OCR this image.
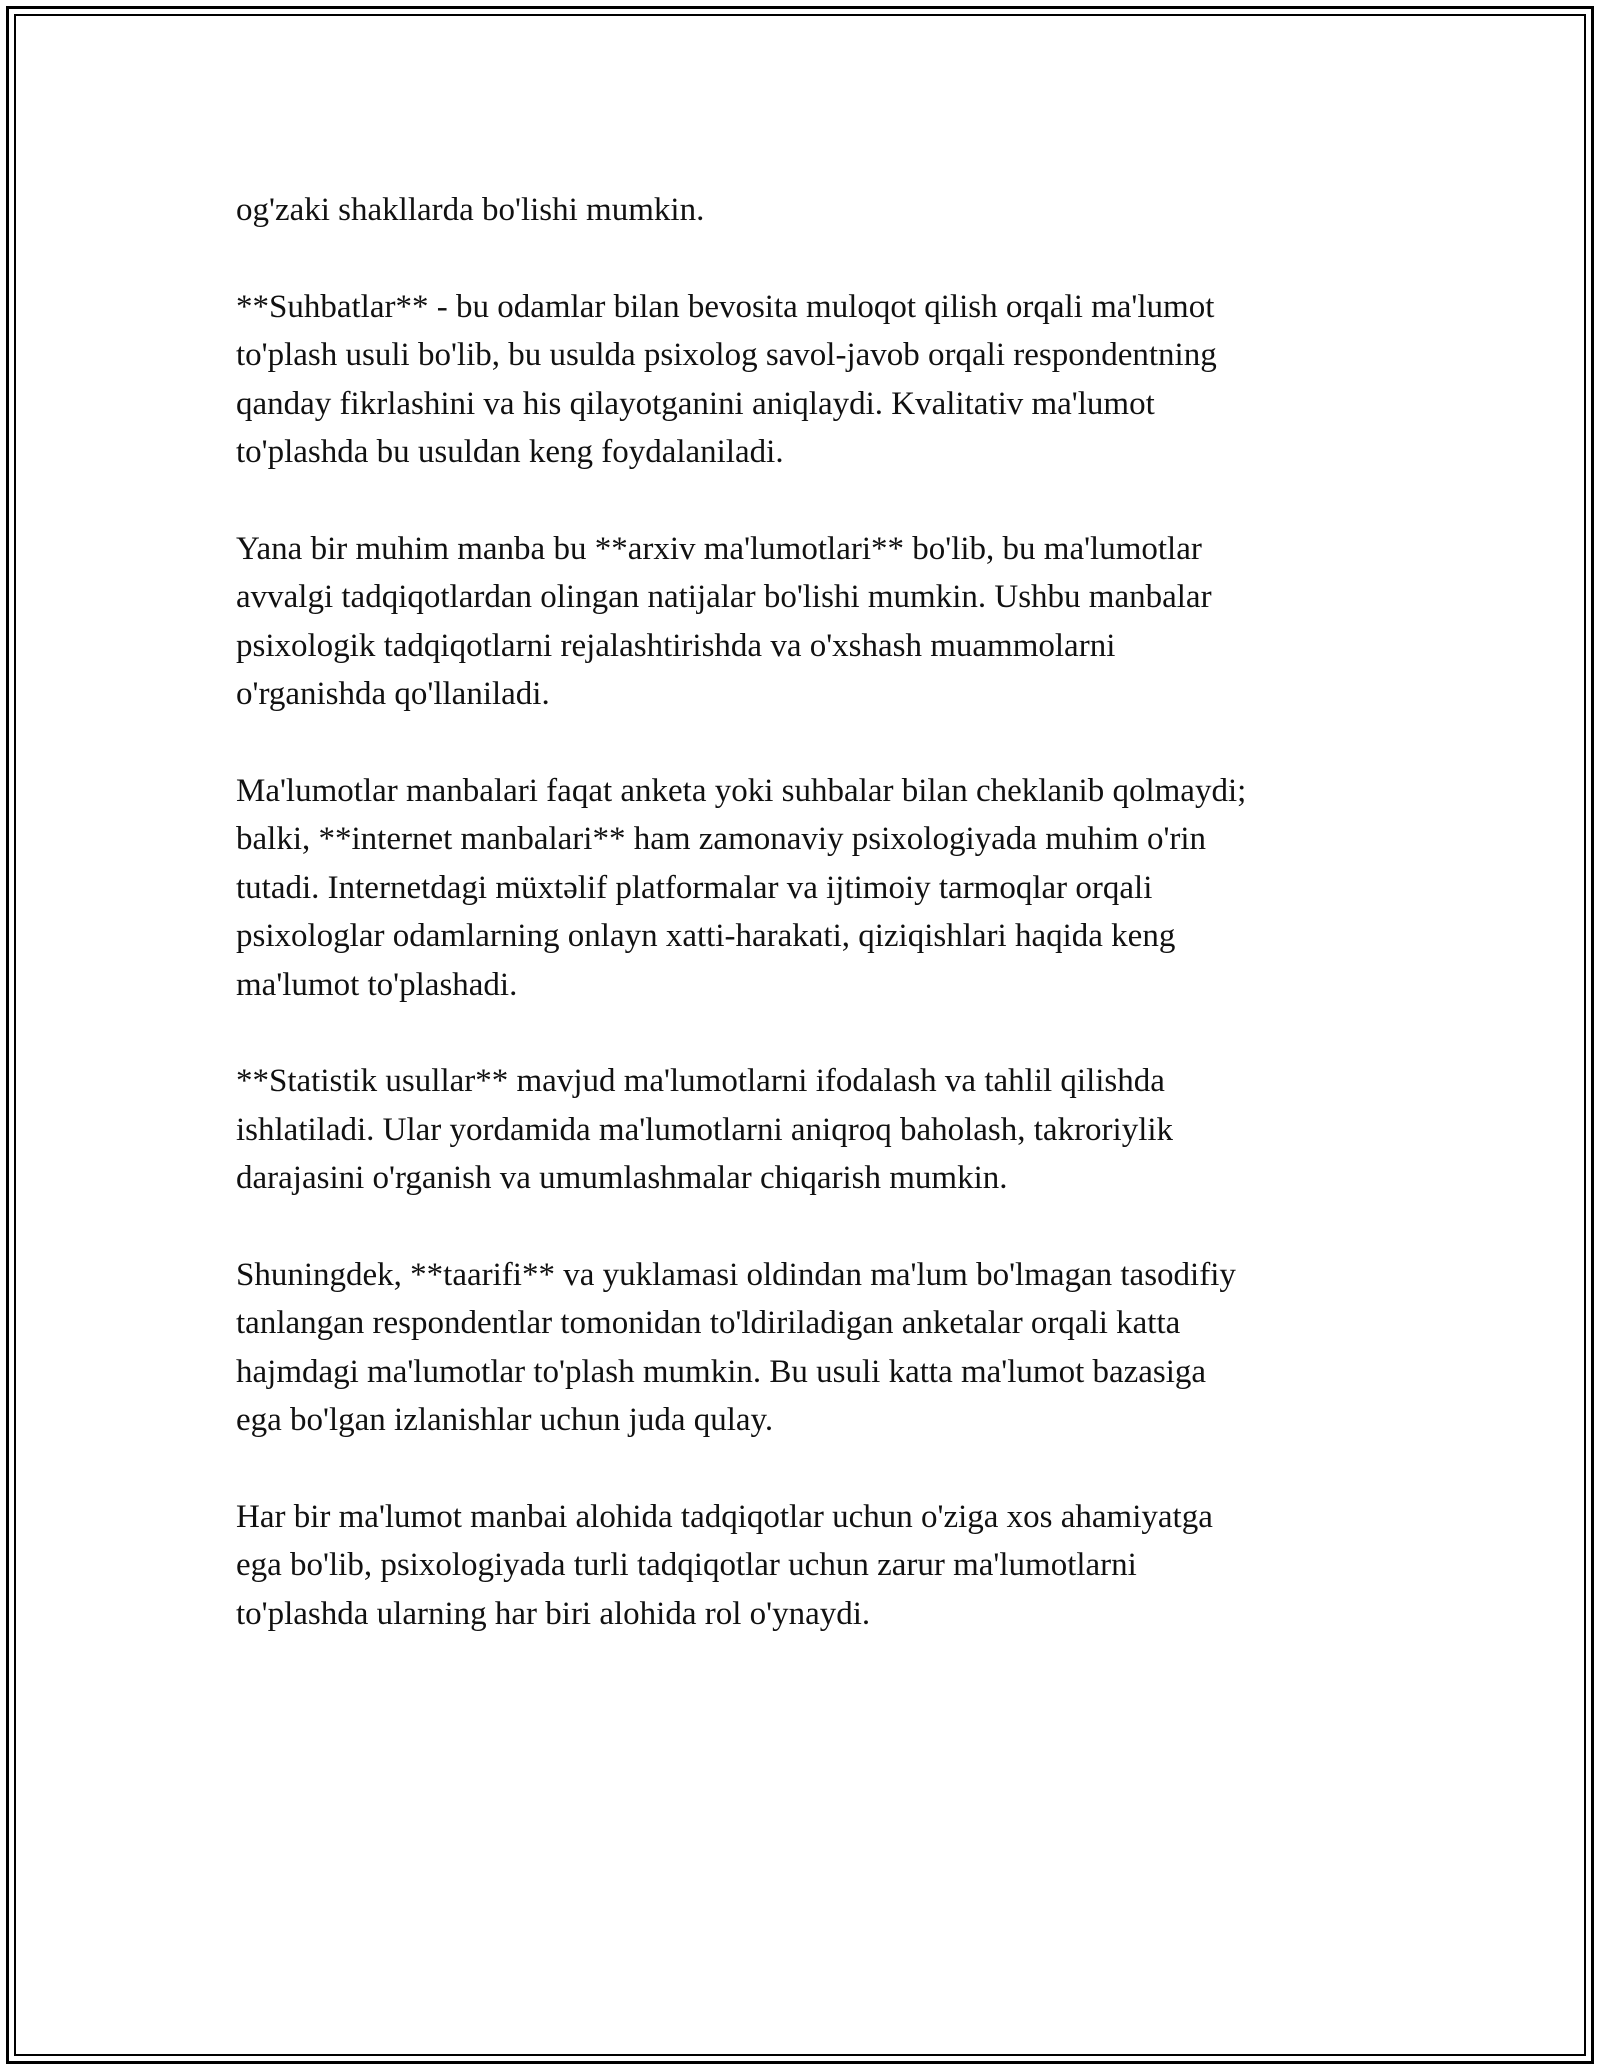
og'zaki shakllarda bo'lishi mumkin.

**Suhbatlar** - bu odamlar bilan bevosita muloqot qilish orqali ma'lumot
to'plash usuli bo'lib, bu usulda psixolog savol-javob orqali respondentning
qanday fikrlashini va his qilayotganini aniqlaydi. Kvalitativ ma'lumot
to'plashda bu usuldan keng foydalaniladi.

Yana bir muhim manba bu **arxiv ma'lumotlari** bo'lib, bu ma'lumotlar
avvalgi tadqiqotlardan olingan natijalar bo'lishi mumkin. Ushbu manbalar
psixologik tadqiqotlarni rejalashtirishda va o'xshash muammolarni
o'rganishda qo'llaniladi.

Ma'lumotlar manbalari faqat anketa yoki suhbalar bilan cheklanib qolmaydi;
balki, **internet manbalari** ham zamonaviy psixologiyada muhim o'rin
tutadi. Internetdagi müxtəlif platformalar va ijtimoiy tarmoqlar orqali
psixologlar odamlarning onlayn xatti-harakati, qiziqishlari haqida keng
ma'lumot to'plashadi.

**Statistik usullar** mavjud ma'lumotlarni ifodalash va tahlil qilishda
ishlatiladi. Ular yordamida ma'lumotlarni aniqroq baholash, takroriylik
darajasini o'rganish va umumlashmalar chiqarish mumkin.

Shuningdek, **taarifi** va yuklamasi oldindan ma'lum bo'lmagan tasodifiy
tanlangan respondentlar tomonidan to'ldiriladigan anketalar orqali katta
hajmdagi ma'lumotlar to'plash mumkin. Bu usuli katta ma'lumot bazasiga
ega bo'lgan izlanishlar uchun juda qulay.

Har bir ma'lumot manbai alohida tadqiqotlar uchun o'ziga xos ahamiyatga
ega bo'lib, psixologiyada turli tadqiqotlar uchun zarur ma'lumotlarni
to'plashda ularning har biri alohida rol o'ynaydi.
